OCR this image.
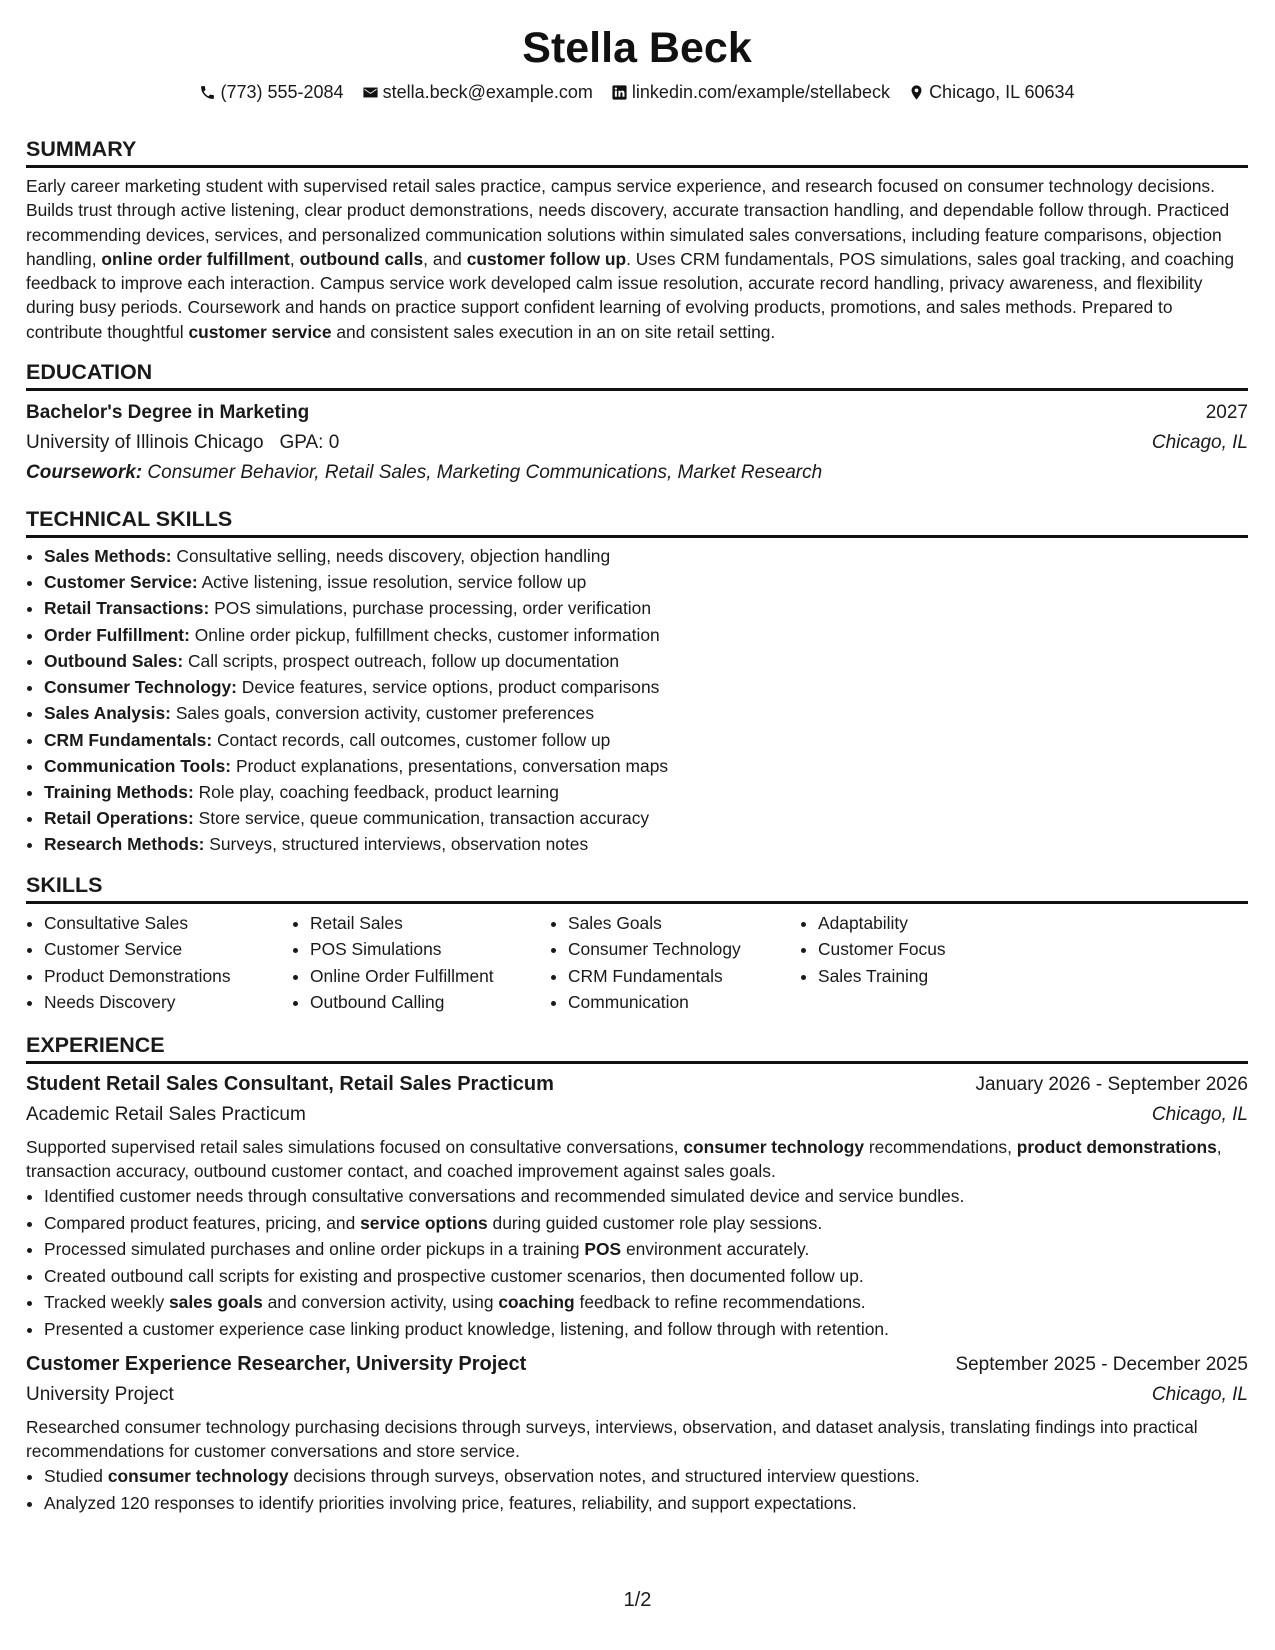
Stella Beck
(773) 555-2084 stella.beck@example.com linkedin.com/example/stellabeck Chicago, IL 60634
SUMMARY

Early career marketing student with supervised retail sales practice, campus service experience, and research focused on consumer technology decisions. Builds trust through active listening, clear product demonstrations, needs discovery, accurate transaction handling, and dependable follow through. Practiced recommending devices, services, and personalized communication solutions within simulated sales conversations, including feature comparisons, objection handling, online order fulfillment, outbound calls, and customer follow up. Uses CRM fundamentals, POS simulations, sales goal tracking, and coaching feedback to improve each interaction. Campus service work developed calm issue resolution, accurate record handling, privacy awareness, and flexibility during busy periods. Coursework and hands on practice support confident learning of evolving products, promotions, and sales methods. Prepared to contribute thoughtful customer service and consistent sales execution in an on site retail setting.

EDUCATION
Bachelor's Degree in Marketing	2027
University of Illinois Chicago GPA: 0	Chicago, IL
Coursework: Consumer Behavior, Retail Sales, Marketing Communications, Market Research
TECHNICAL SKILLS
• Sales Methods: Consultative selling, needs discovery, objection handling
• Customer Service: Active listening, issue resolution, service follow up
• Retail Transactions: POS simulations, purchase processing, order verification
• Order Fulfillment: Online order pickup, fulfillment checks, customer information
• Outbound Sales: Call scripts, prospect outreach, follow up documentation
• Consumer Technology: Device features, service options, product comparisons
• Sales Analysis: Sales goals, conversion activity, customer preferences
• CRM Fundamentals: Contact records, call outcomes, customer follow up
• Communication Tools: Product explanations, presentations, conversation maps
• Training Methods: Role play, coaching feedback, product learning
• Retail Operations: Store service, queue communication, transaction accuracy
• Research Methods: Surveys, structured interviews, observation notes
SKILLS
• Consultative Sales
• Customer Service
• Product Demonstrations
• Needs Discovery
• Retail Sales
• POS Simulations
• Online Order Fulfillment
• Outbound Calling
• Sales Goals
• Consumer Technology
• CRM Fundamentals
• Communication
• Adaptability
• Customer Focus
• Sales Training
EXPERIENCE
Student Retail Sales Consultant, Retail Sales Practicum	January 2026 - September 2026
Academic Retail Sales Practicum	Chicago, IL

Supported supervised retail sales simulations focused on consultative conversations, consumer technology recommendations, product demonstrations, transaction accuracy, outbound customer contact, and coached improvement against sales goals.

• Identified customer needs through consultative conversations and recommended simulated device and service bundles.
• Compared product features, pricing, and service options during guided customer role play sessions.
• Processed simulated purchases and online order pickups in a training POS environment accurately.
• Created outbound call scripts for existing and prospective customer scenarios, then documented follow up.
• Tracked weekly sales goals and conversion activity, using coaching feedback to refine recommendations.
• Presented a customer experience case linking product knowledge, listening, and follow through with retention.
Customer Experience Researcher, University Project	September 2025 - December 2025
University Project	Chicago, IL

Researched consumer technology purchasing decisions through surveys, interviews, observation, and dataset analysis, translating findings into practical recommendations for customer conversations and store service.

• Studied consumer technology decisions through surveys, observation notes, and structured interview questions.
• Analyzed 120 responses to identify priorities involving price, features, reliability, and support expectations.
1/2
